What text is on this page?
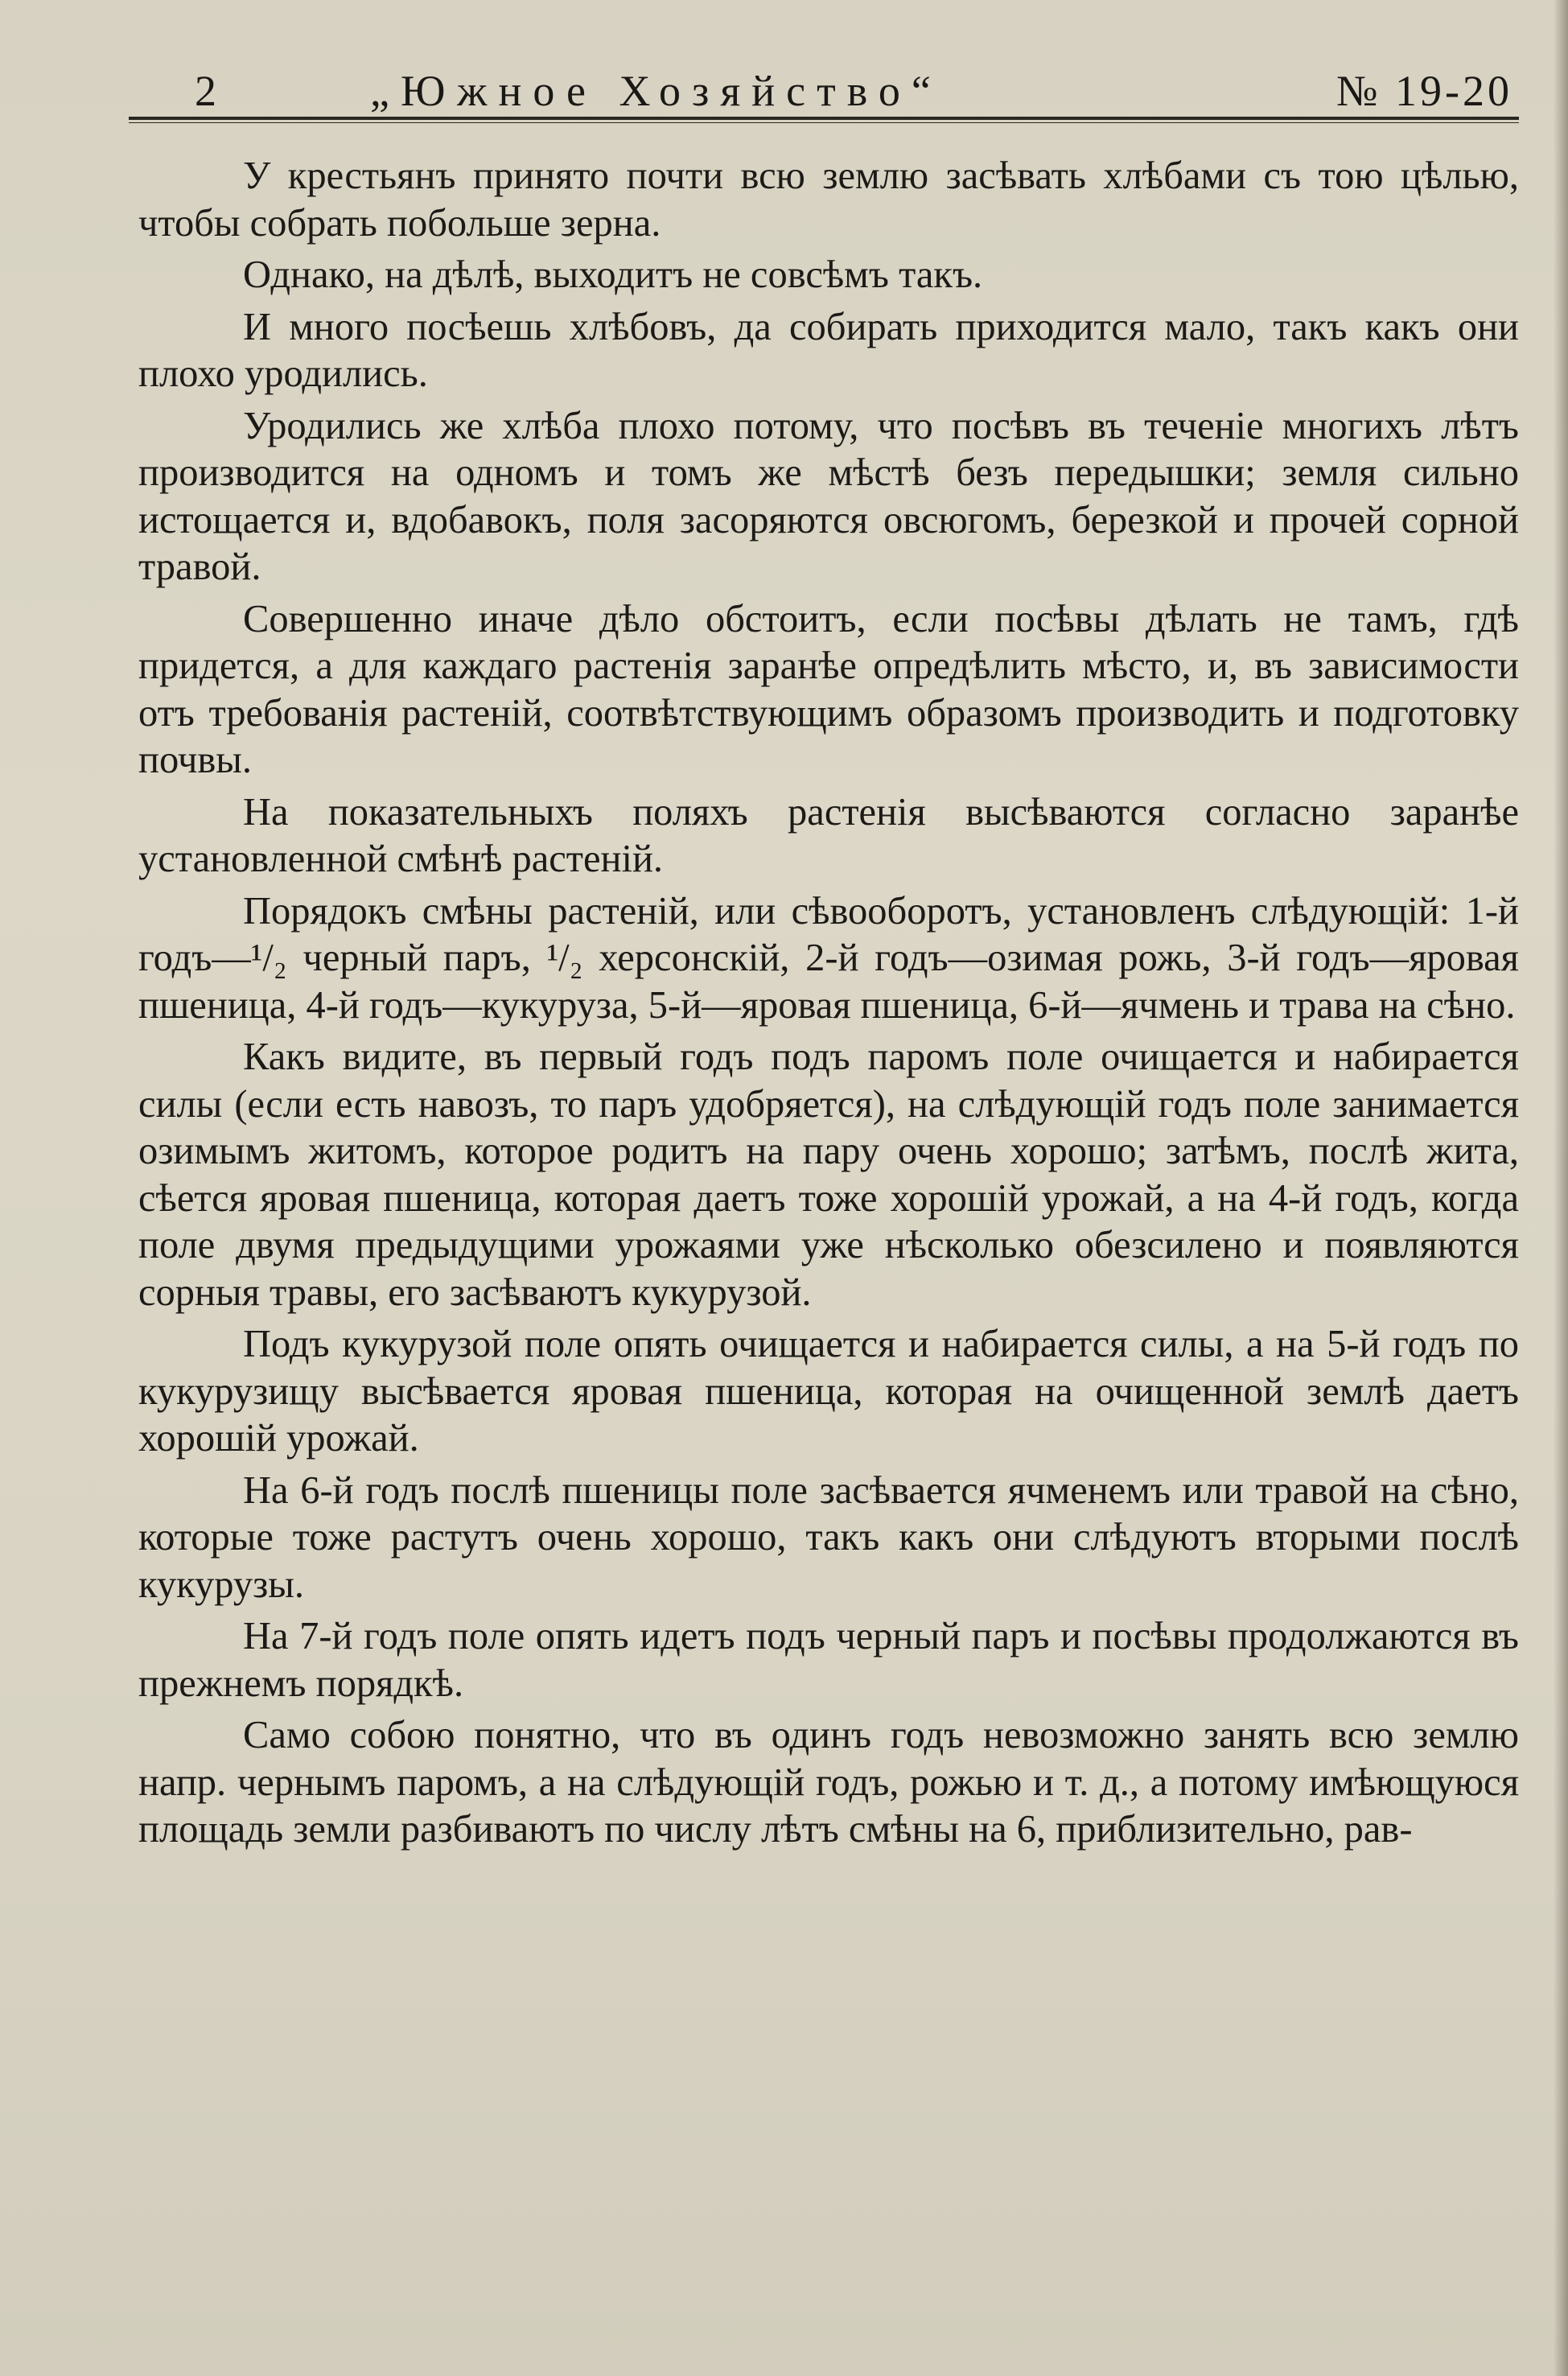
2	„Южное Хозяйство“	№ 19-20

У крестьянъ принято почти всю землю засѣвать хлѣбами съ тою цѣлью, чтобы собрать побольше зерна.

Однако, на дѣлѣ, выходитъ не совсѣмъ такъ.

И много посѣешь хлѣбовъ, да собирать приходится мало, такъ какъ они плохо уродились.

Уродились же хлѣба плохо потому, что посѣвъ въ теченіе многихъ лѣтъ производится на одномъ и томъ же мѣстѣ безъ передышки; земля сильно истощается и, вдобавокъ, поля засоряются овсюгомъ, березкой и прочей сорной травой.

Совершенно иначе дѣло обстоитъ, если посѣвы дѣлать не тамъ, гдѣ придется, а для каждаго растенія заранѣе опредѣлить мѣсто, и, въ зависимости отъ требованія растеній, соотвѣтствующимъ образомъ производить и подготовку почвы.

На показательныхъ поляхъ растенія высѣваются согласно заранѣе установленной смѣнѣ растеній.

Порядокъ смѣны растеній, или сѣвооборотъ, установленъ слѣдующій: 1-й годъ—¹/₂ черный паръ, ¹/₂ херсонскій, 2-й годъ—озимая рожь, 3-й годъ—яровая пшеница, 4-й годъ—кукуруза, 5-й—яровая пшеница, 6-й—ячмень и трава на сѣно.

Какъ видите, въ первый годъ подъ паромъ поле очищается и набирается силы (если есть навозъ, то паръ удобряется), на слѣдующій годъ поле занимается озимымъ житомъ, которое родитъ на пару очень хорошо; затѣмъ, послѣ жита, сѣется яровая пшеница, которая даетъ тоже хорошій урожай, а на 4-й годъ, когда поле двумя предыдущими урожаями уже нѣсколько обезсилено и появляются сорныя травы, его засѣваютъ кукурузой.

Подъ кукурузой поле опять очищается и набирается силы, а на 5-й годъ по кукурузищу высѣвается яровая пшеница, которая на очищенной землѣ даетъ хорошій урожай.

На 6-й годъ послѣ пшеницы поле засѣвается ячменемъ или травой на сѣно, которые тоже растутъ очень хорошо, такъ какъ они слѣдуютъ вторыми послѣ кукурузы.

На 7-й годъ поле опять идетъ подъ черный паръ и посѣвы продолжаются въ прежнемъ порядкѣ.

Само собою понятно, что въ одинъ годъ невозможно занять всю землю напр. чернымъ паромъ, а на слѣдующій годъ, рожью и т. д., а потому имѣющуюся площадь земли разбиваютъ по числу лѣтъ смѣны на 6, приблизительно, рав-
